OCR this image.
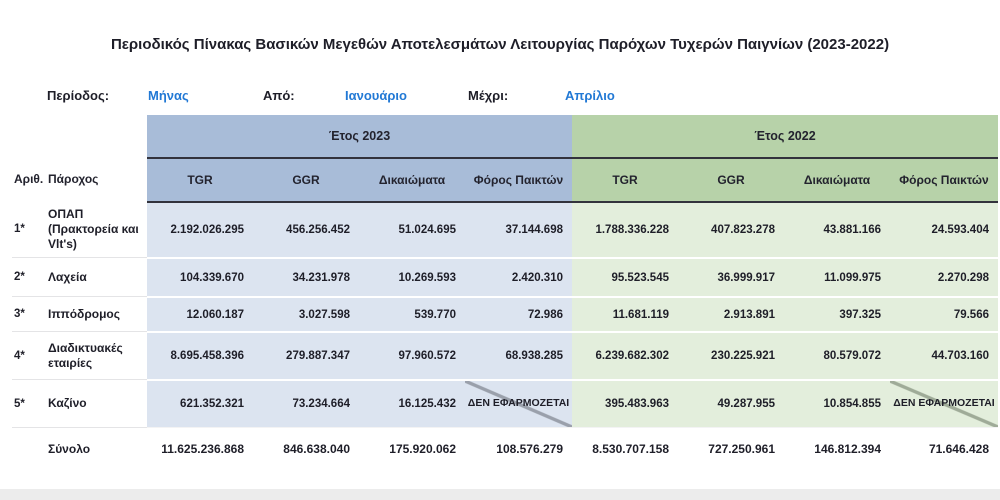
Περιοδικός Πίνακας Βασικών Μεγεθών Αποτελεσμάτων Λειτουργίας Παρόχων Τυχερών Παιγνίων (2023-2022)
Περίοδος:	Μήνας	Από:	Ιανουάριο	Μέχρι:	Απρίλιο
		Έτος 2023				Έτος 2022			
Αριθ.	Πάροχος	TGR	GGR	Δικαιώματα	Φόρος Παικτών	TGR	GGR	Δικαιώματα	Φόρος Παικτών
1*	ΟΠΑΠ (Πρακτορεία και Vlt's)	2.192.026.295	456.256.452	51.024.695	37.144.698	1.788.336.228	407.823.278	43.881.166	24.593.404
2*	Λαχεία	104.339.670	34.231.978	10.269.593	2.420.310	95.523.545	36.999.917	11.099.975	2.270.298
3*	Ιππόδρομος	12.060.187	3.027.598	539.770	72.986	11.681.119	2.913.891	397.325	79.566
4*	Διαδικτυακές εταιρίες	8.695.458.396	279.887.347	97.960.572	68.938.285	6.239.682.302	230.225.921	80.579.072	44.703.160
5*	Καζίνο	621.352.321	73.234.664	16.125.432	ΔΕΝ ΕΦΑΡΜΟΖΕΤΑΙ	395.483.963	49.287.955	10.854.855	ΔΕΝ ΕΦΑΡΜΟΖΕΤΑΙ
	Σύνολο	11.625.236.868	846.638.040	175.920.062	108.576.279	8.530.707.158	727.250.961	146.812.394	71.646.428
